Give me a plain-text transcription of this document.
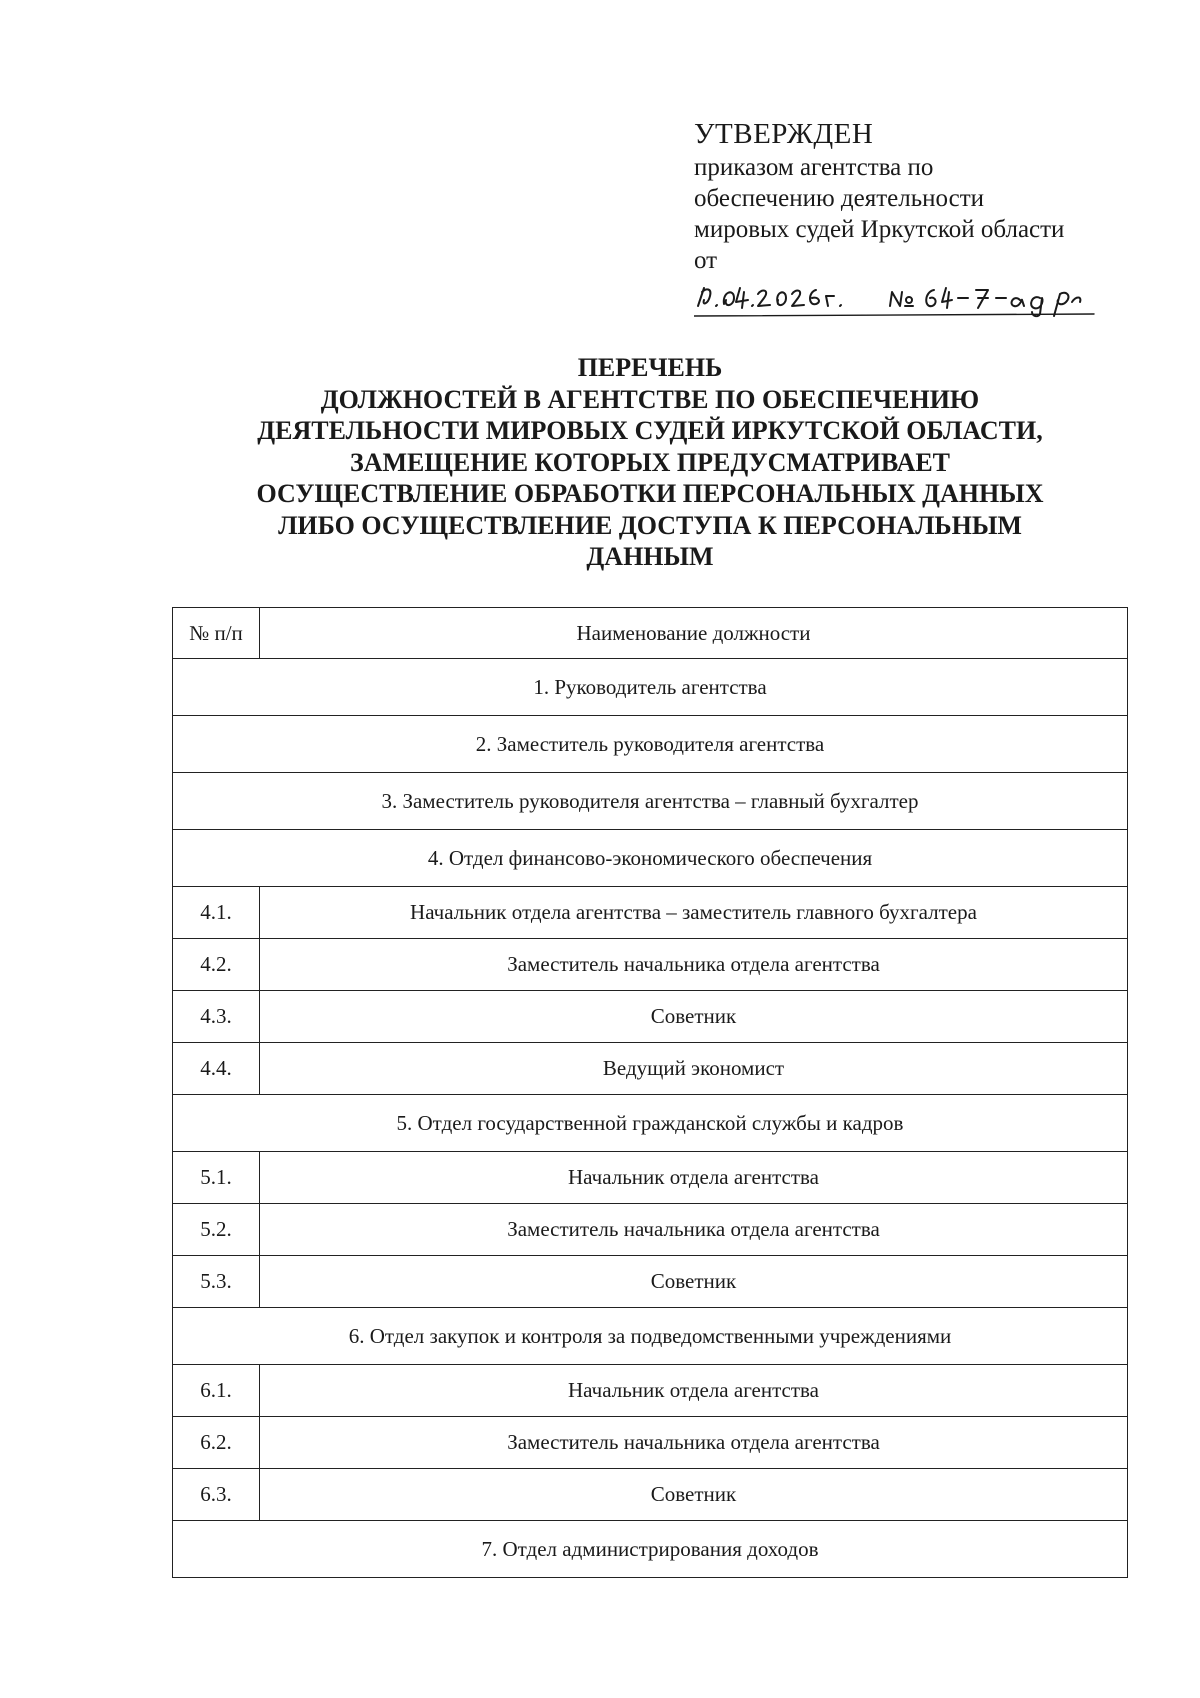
УТВЕРЖДЕН
приказом агентства по
обеспечению деятельности
мировых судей Иркутской области
от
ПЕРЕЧЕНЬ
ДОЛЖНОСТЕЙ В АГЕНТСТВЕ ПО ОБЕСПЕЧЕНИЮ
ДЕЯТЕЛЬНОСТИ МИРОВЫХ СУДЕЙ ИРКУТСКОЙ ОБЛАСТИ,
ЗАМЕЩЕНИЕ КОТОРЫХ ПРЕДУСМАТРИВАЕТ
ОСУЩЕСТВЛЕНИЕ ОБРАБОТКИ ПЕРСОНАЛЬНЫХ ДАННЫХ
ЛИБО ОСУЩЕСТВЛЕНИЕ ДОСТУПА К ПЕРСОНАЛЬНЫМ
ДАННЫМ
№ п/п	Наименование должности
1. Руководитель агентства	
2. Заместитель руководителя агентства	
3. Заместитель руководителя агентства – главный бухгалтер	
4. Отдел финансово-экономического обеспечения	
4.1.	Начальник отдела агентства – заместитель главного бухгалтера
4.2.	Заместитель начальника отдела агентства
4.3.	Советник
4.4.	Ведущий экономист
5. Отдел государственной гражданской службы и кадров	
5.1.	Начальник отдела агентства
5.2.	Заместитель начальника отдела агентства
5.3.	Советник
6. Отдел закупок и контроля за подведомственными учреждениями	
6.1.	Начальник отдела агентства
6.2.	Заместитель начальника отдела агентства
6.3.	Советник
7. Отдел администрирования доходов	
